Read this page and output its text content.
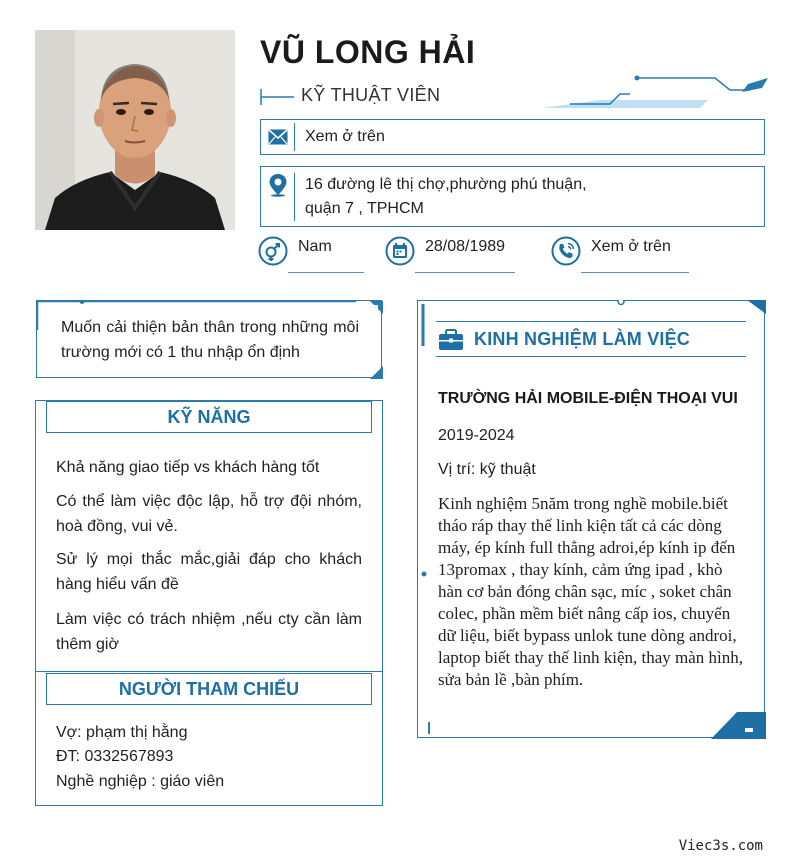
VŨ LONG HẢI
KỸ THUẬT VIÊN
Xem ở trên
16 đường lê thị chợ,phường phú thuận,
quận 7 , TPHCM
Nam	28/08/1989	Xem ở trên
Muốn cải thiện bản thân trong những môi trường mới có 1 thu nhập ổn định
KỸ NĂNG
Khả năng giao tiếp vs khách hàng tốt
Có thể làm việc độc lập, hỗ trợ đội nhóm, hoà đồng, vui vẻ.
Sử lý mọi thắc mắc,giải đáp cho khách hàng hiểu vấn đề
Làm việc có trách nhiệm ,nếu cty cần làm thêm giờ
NGƯỜI THAM CHIẾU
Vợ: phạm thị hằng
ĐT: 0332567893
Nghề nghiệp : giáo viên
KINH NGHIỆM LÀM VIỆC
TRƯỜNG HẢI MOBILE-ĐIỆN THOẠI VUI
2019-2024
Vị trí: kỹ thuật
Kinh nghiệm 5năm trong nghề mobile.biết tháo ráp thay thế linh kiện tất cả các dòng máy, ép kính full thẳng adroi,ép kính ip đến 13promax , thay kính, cảm ứng ipad , khò hàn cơ bản đóng chân sạc, míc , soket chân colec, phần mềm biết nâng cấp ios, chuyển dữ liệu, biết bypass unlok tune dòng androi, laptop biết thay thế linh kiện, thay màn hình, sửa bản lề ,bàn phím.
Viec3s.com
